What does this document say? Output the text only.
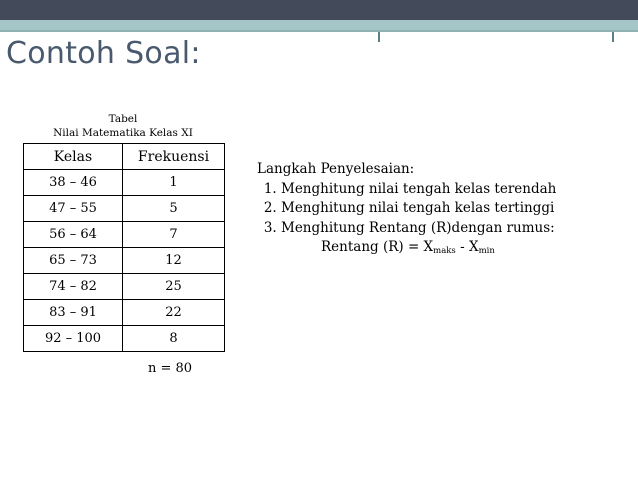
Contoh Soal:
Tabel
Nilai Matematika Kelas XI
Kelas	Frekuensi
38 – 46	1
47 – 55	5
56 – 64	7
65 – 73	12
74 – 82	25
83 – 91	22
92 – 100	8
n = 80
Langkah Penyelesaian:
1. Menghitung nilai tengah kelas terendah
2. Menghitung nilai tengah kelas tertinggi
3. Menghitung Rentang (R)dengan rumus:
Rentang $(R) = X_{maks} - X_{min}$
